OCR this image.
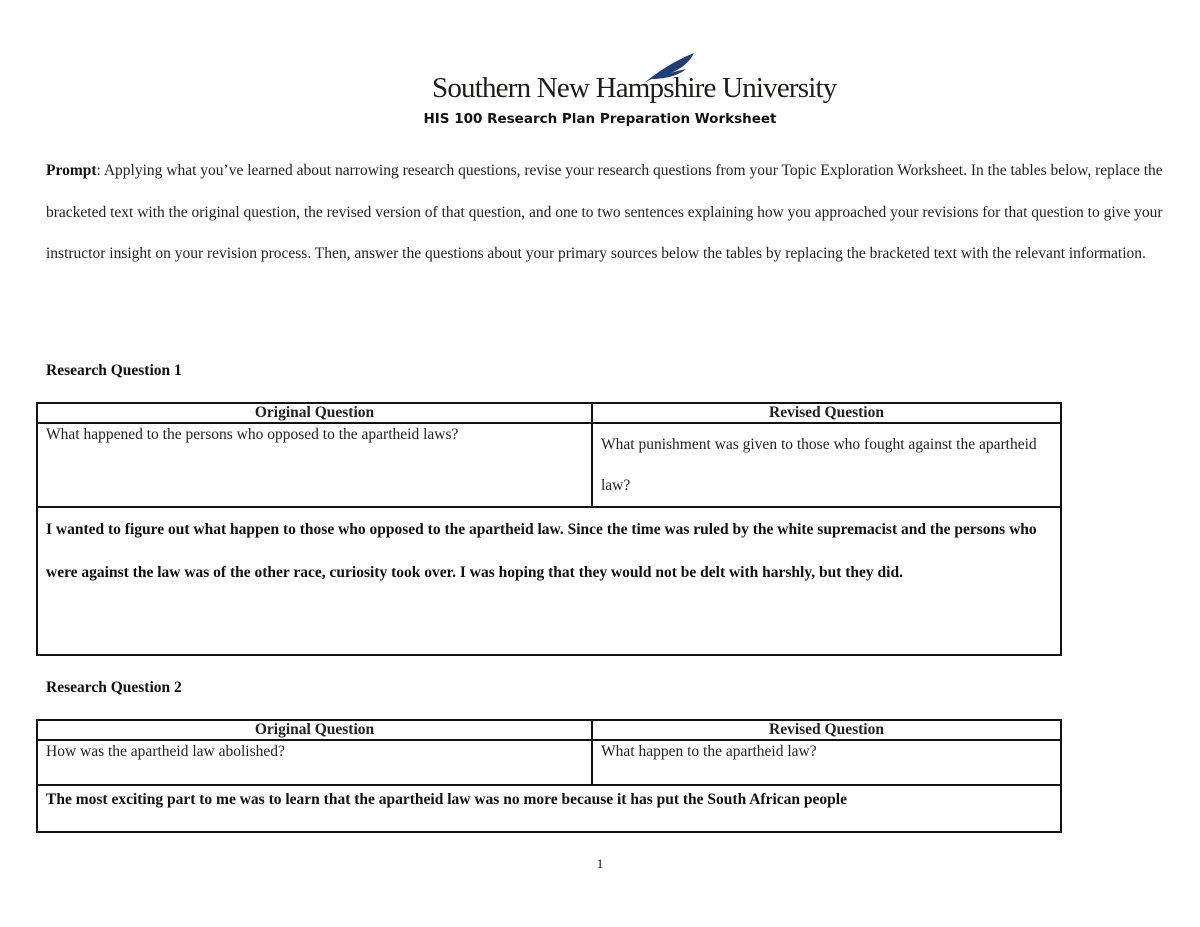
Southern New Hampshire University
HIS 100 Research Plan Preparation Worksheet
Prompt: Applying what you’ve learned about narrowing research questions, revise your research questions from your Topic Exploration Worksheet. In the tables below, replace the bracketed text with the original question, the revised version of that question, and one to two sentences explaining how you approached your revisions for that question to give your instructor insight on your revision process. Then, answer the questions about your primary sources below the tables by replacing the bracketed text with the relevant information.
Research Question 1
Original Question	Revised Question
What happened to the persons who opposed to the apartheid laws?	What punishment was given to those who fought against the apartheid law?
I wanted to figure out what happen to those who opposed to the apartheid law. Since the time was ruled by the white supremacist and the persons who were against the law was of the other race, curiosity took over. I was hoping that they would not be delt with harshly, but they did.	
Research Question 2
Original Question	Revised Question
How was the apartheid law abolished?	What happen to the apartheid law?
The most exciting part to me was to learn that the apartheid law was no more because it has put the South African people	
1
